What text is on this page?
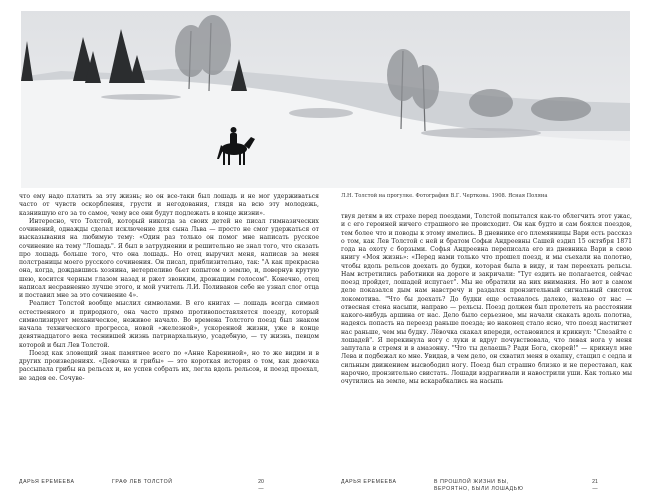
Л.Н. Толстой на прогулке. Фотография В.Г. Черткова. 1908. Ясная Поляна

что ему надо платить за эту жизнь; но он все-таки был лошадь и не мог удерживаться часто от чувств оскорбления, грусти и негодования, глядя на всю эту молодежь, казнившую его за то самое, чему все они будут подлежать в конце жизни».

Интересно, что Толстой, который никогда за своих детей не писал гимназических сочинений, однажды сделал исключение для сына Льва — просто не смог удержаться от высказывания на любимую тему: «Один раз только он помог мне написать русское сочинение на тему "Лошадь". Я был в затруднении и решительно не знал того, что сказать про лошадь больше того, что она лошадь. Но отец выручил меня, написав за меня полстраницы моего русского сочинения. Он писал, приблизительно, так: "А как прекрасна она, когда, дождавшись хозяина, нетерпеливо бьет копытом о землю, и, повернув крутую шею, косится черным глазом назад и ржет звонким, дрожащим голосом". Конечно, отец написал несравненно лучше этого, и мой учитель Л.И. Поливанов себе не узнал слог отца и поставил мне за это сочинение 4».

Реалист Толстой вообще мыслил символами. В его книгах — лошадь всегда символ естественного и природного, она часто прямо противопоставляется поезду, который символизирует механическое, неживое начало. Во времена Толстого поезд был знаком начала технического прогресса, новой «железной», ускоренной жизни, уже в конце девятнадцатого века теснившей жизнь патриархальную, усадебную, — ту жизнь, певцом которой и был Лев Толстой.

Поезд как зловещий знак памятнее всего по «Анне Карениной», но то же видим и в других произведениях. «Девочка и грибы» — это короткая история о том, как девочка рассыпала грибы на рельсах и, не успев собрать их, легла вдоль рельсов, и поезд проехал, не задев ее. Сочуве-

твуя детям в их страхе перед поездами, Толстой попытался как-то облегчить этот ужас, и с его героиней ничего страшного не происходит. Он как будто и сам боялся поездов, тем более что и поводы к этому имелись. В дневнике его племянницы Вари есть рассказ о том, как Лев Толстой с ней и братом Софьи Андреевны Сашей ездил 15 октября 1871 года на охоту с борзыми. Софья Андреевна переписала его из дневника Вари в свою книгу «Моя жизнь»: «Перед нами только что прошел поезд, и мы съехали на полотно, чтобы вдоль рельсов доехать до будки, которая была в виду, и там переехать рельсы. Нам встретились работники на дороге и закричали: "Тут ездить не полагается, сейчас поезд пройдет, лошадей испугает". Мы не обратили на них внимания. Но вот в самом деле показался дым нам навстречу и раздался пронзительный сигнальный свисток локомотива. "Что бы доехать? До будки еще оставалось далеко, налево от нас — отвесная стена насыпи, направо — рельсы. Поезд должен был пролететь на расстоянии какого-нибудь аршина от нас. Дело было серьезное, мы начали скакать вдоль полотна, надеясь попасть на переезд раньше поезда; но наконец стало ясно, что поезд настигнет нас раньше, чем мы будку. Лёвочка скакал впереди, остановился и крикнул: "Слезайте с лошадей". Я перекинула ногу с луки и вдруг почувствовала, что левая нога у меня запутала в стремя и в амазонку. "Что ты делаешь? Ради Бога, скорей!" — крикнул мне Лева и подбежал ко мне. Увидав, в чем дело, он схватил меня в охапку, стащил с седла и сильным движением высвободил ногу. Поезд был страшно близко и не переставал, как нарочно, пронзительно свистать. Лошади вздрагивали и навострили уши. Как только мы очутились на земле, мы вскарабкались на насыпь

ДАРЬЯ ЕРЕМЕЕВА	ГРАФ ЛЕВ ТОЛСТОЙ	20
—
ДАРЬЯ ЕРЕМЕЕВА	В ПРОШЛОЙ ЖИЗНИ ВЫ,
ВЕРОЯТНО, БЫЛИ ЛОШАДЬЮ
21
—
